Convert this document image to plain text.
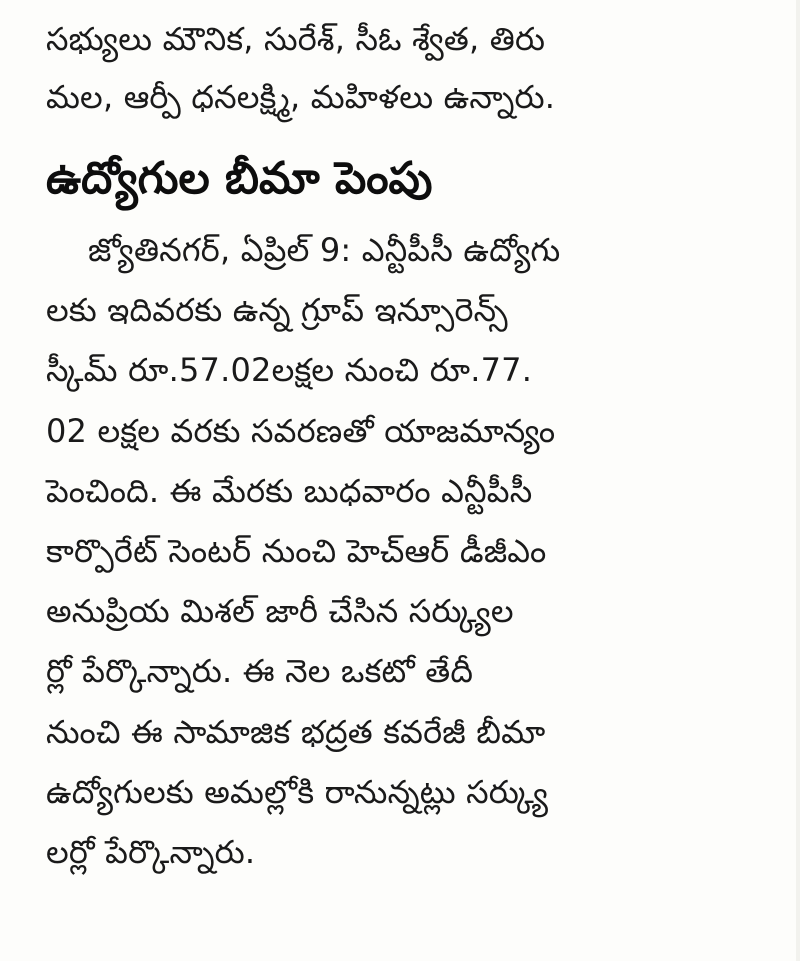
సభ్యులు మౌనిక, సురేశ్, సీఓ శ్వేత, తిరు
మల, ఆర్పీ ధనలక్ష్మి, మహిళలు ఉన్నారు.
ఉద్యోగుల బీమా పెంపు
జ్యోతినగర్, ఏప్రిల్ 9: ఎన్టీపీసీ ఉద్యోగు
లకు ఇదివరకు ఉన్న గ్రూప్ ఇన్సూరెన్స్
స్కీమ్ రూ.57.02లక్షల నుంచి రూ.77.
02 లక్షల వరకు సవరణతో యాజమాన్యం
పెంచింది. ఈ మేరకు బుధవారం ఎన్టీపీసీ
కార్పొరేట్ సెంటర్ నుంచి హెచ్ఆర్ డీజీఎం
అనుప్రియ మిశల్ జారీ చేసిన సర్క్యుల
ర్లో పేర్కొన్నారు. ఈ నెల ఒకటో తేదీ
నుంచి ఈ సామాజిక భద్రత కవరేజీ బీమా
ఉద్యోగులకు అమల్లోకి రానున్నట్లు సర్క్యు
లర్లో పేర్కొన్నారు.
